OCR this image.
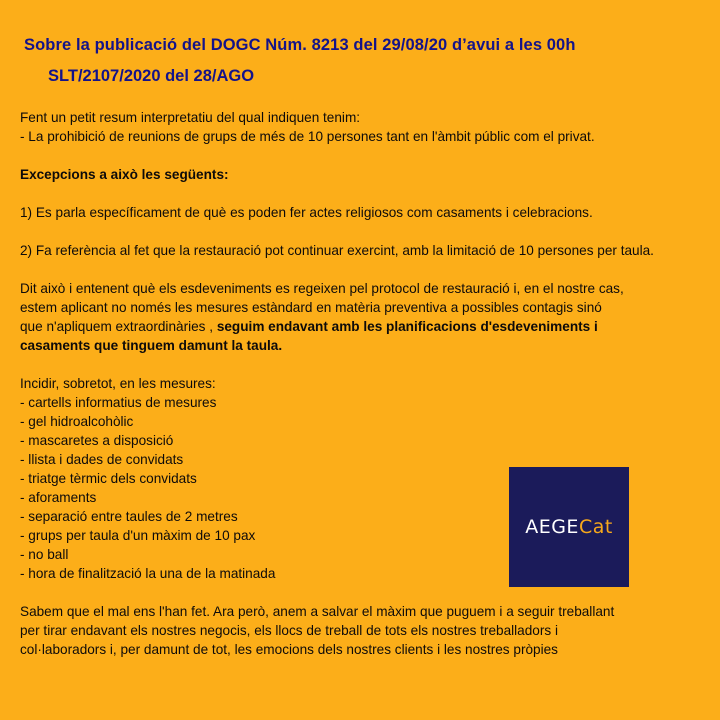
Sobre la publicació del DOGC Núm. 8213 del 29/08/20 d’avui a les 00h
SLT/2107/2020 del 28/AGO

Fent un petit resum interpretatiu del qual indiquen tenim:

- La prohibició de reunions de grups de més de 10 persones tant en l'àmbit públic com el privat.

Excepcions a això les següents:

1) Es parla específicament de què es poden fer actes religiosos com casaments i celebracions.

2) Fa referència al fet que la restauració pot continuar exercint, amb la limitació de 10 persones per taula.

Dit això i entenent què els esdeveniments es regeixen pel protocol de restauració i, en el nostre cas,

estem aplicant no només les mesures estàndard en matèria preventiva a possibles contagis sinó

que n'apliquem extraordinàries , seguim endavant amb les planificacions d'esdeveniments i

casaments que tinguem damunt la taula.

Incidir, sobretot, en les mesures:

- cartells informatius de mesures

- gel hidroalcohòlic

- mascaretes a disposició

- llista i dades de convidats

- triatge tèrmic dels convidats

- aforaments

- separació entre taules de 2 metres

- grups per taula d'un màxim de 10 pax

- no ball

- hora de finalització la una de la matinada

Sabem que el mal ens l'han fet. Ara però, anem a salvar el màxim que puguem i a seguir treballant

per tirar endavant els nostres negocis, els llocs de treball de tots els nostres treballadors i

col·laboradors i, per damunt de tot, les emocions dels nostres clients i les nostres pròpies

AEGECat
